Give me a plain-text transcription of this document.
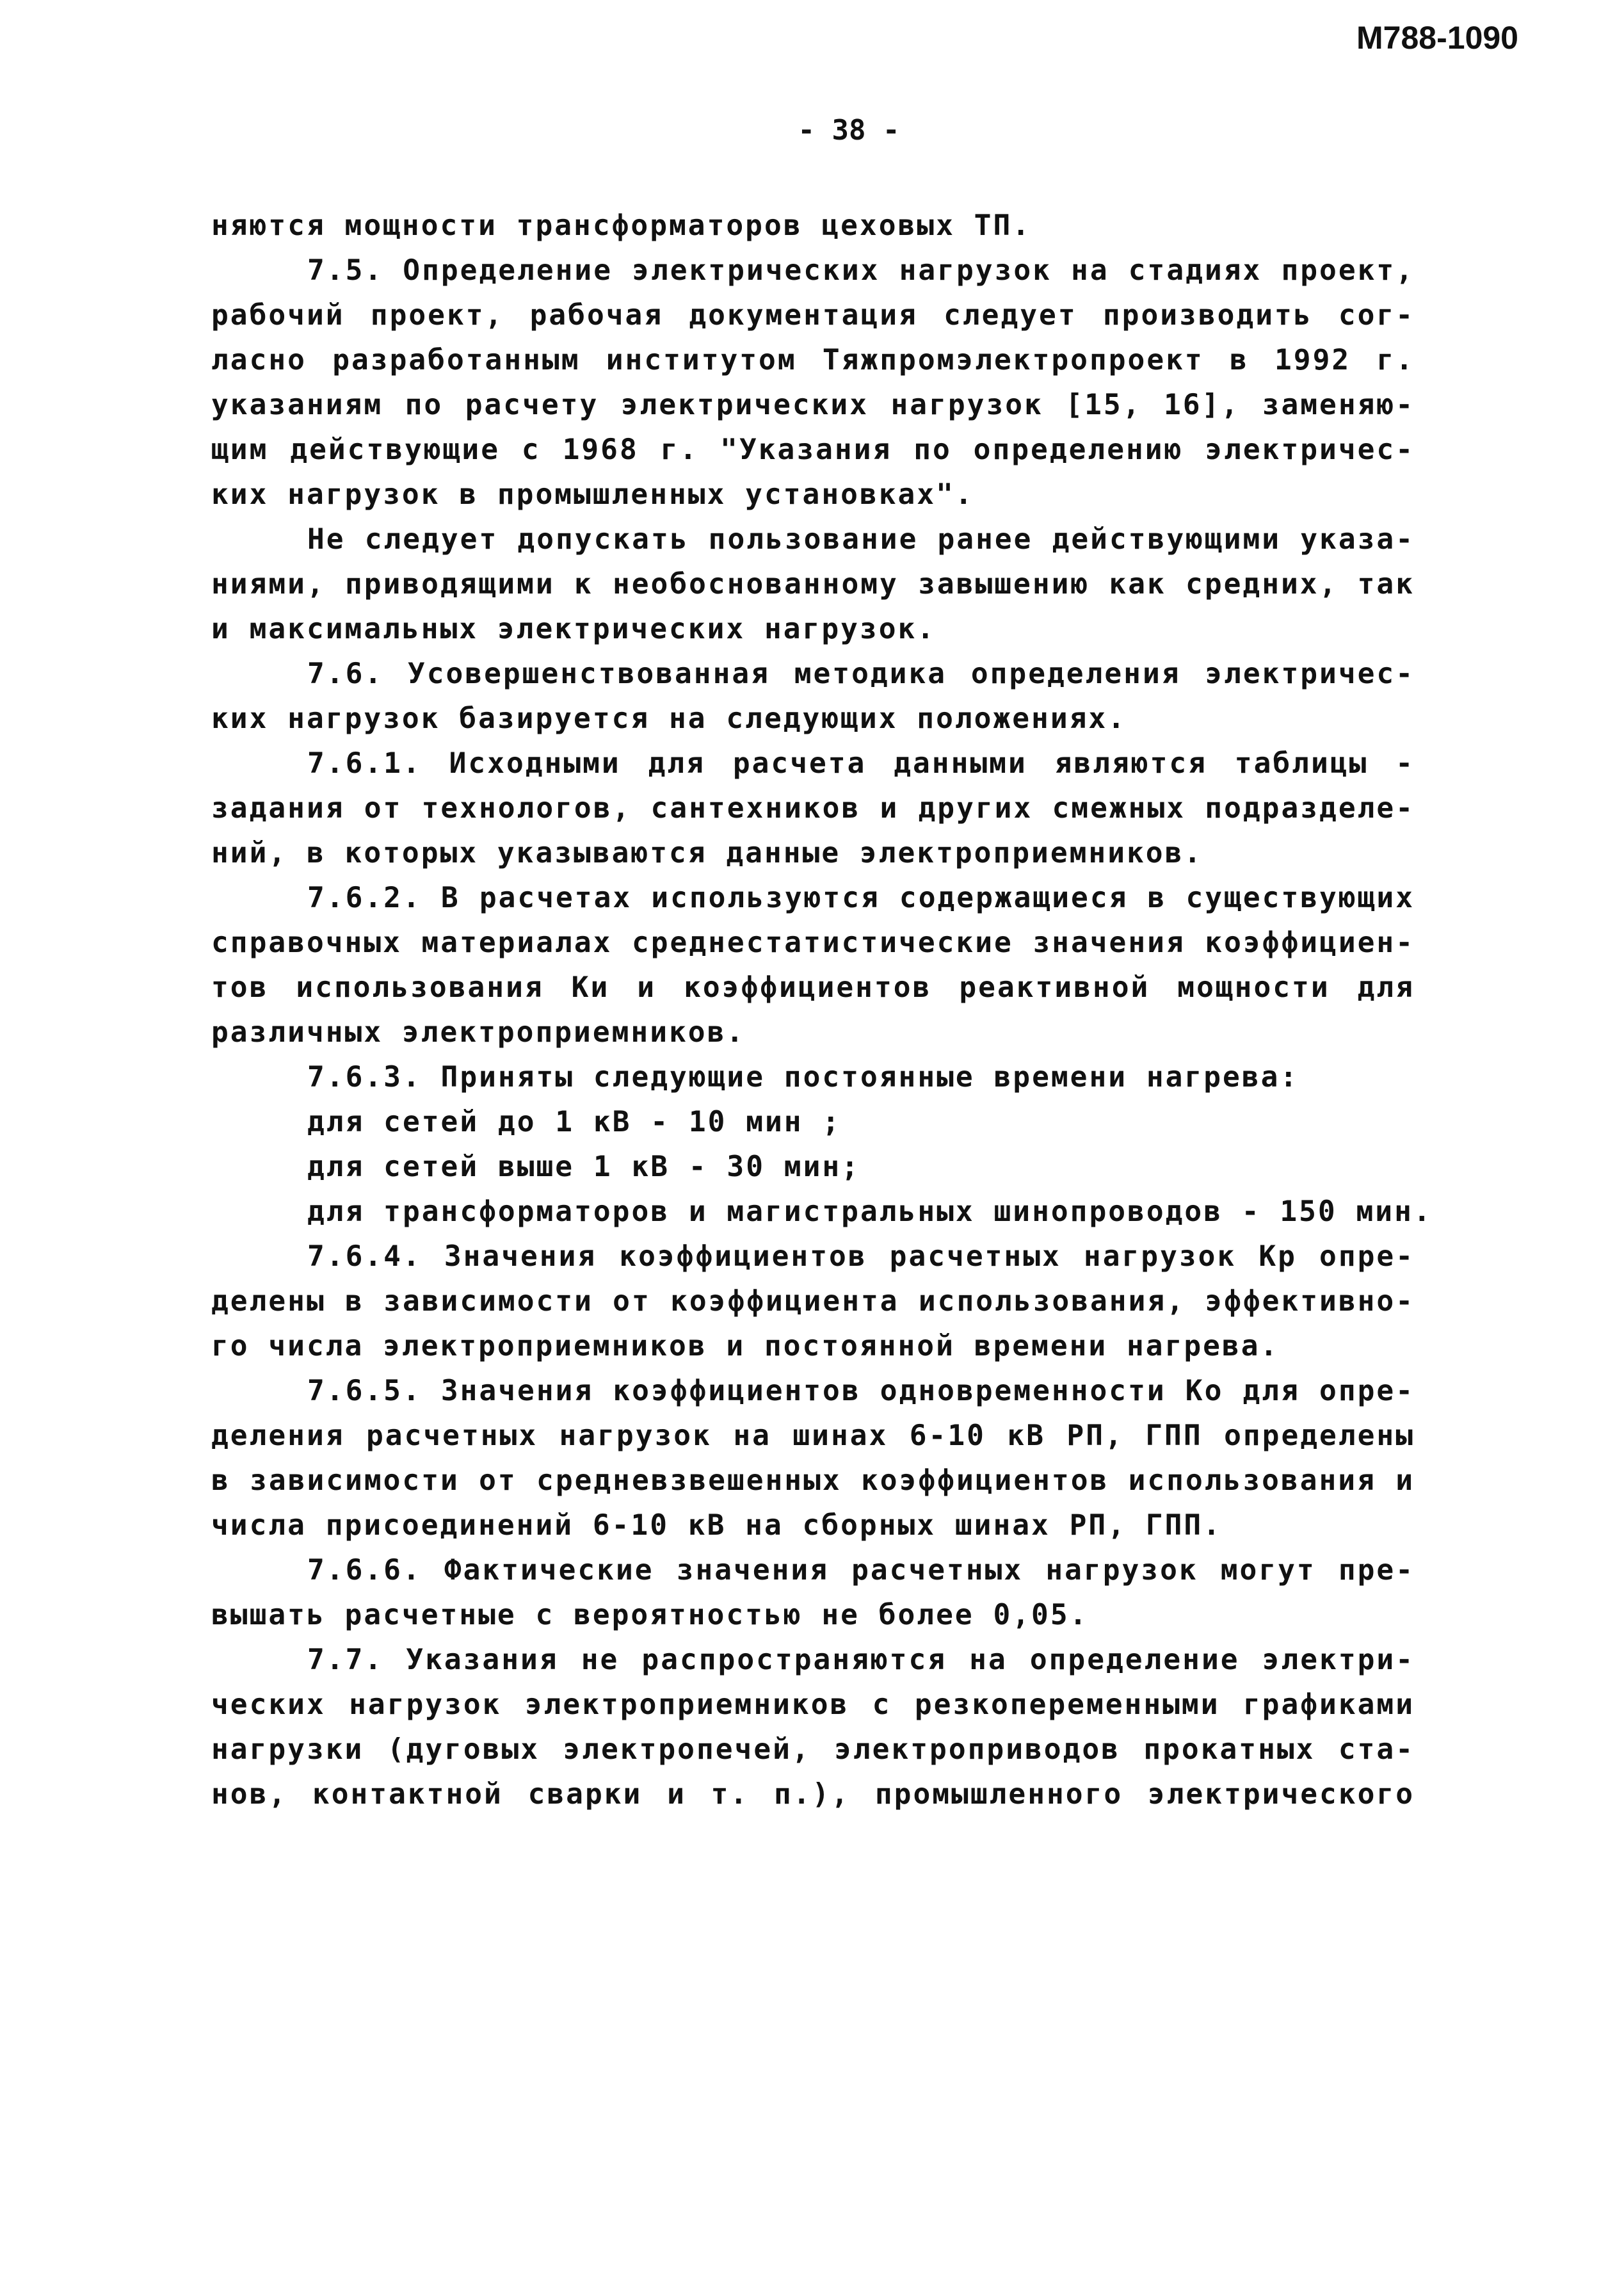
М788-1090
- 38 -
няются мощности трансформаторов цеховых ТП.
7.5. Определение электрических нагрузок на стадиях проект,
рабочий проект, рабочая документация следует производить сог-
ласно разработанным институтом Тяжпромэлектропроект в 1992 г.
указаниям по расчету электрических нагрузок [15, 16], заменяю-
щим действующие с 1968 г. "Указания по определению электричес-
ких нагрузок в промышленных установках".
Не следует допускать пользование ранее действующими указа-
ниями, приводящими к необоснованному завышению как средних, так
и максимальных электрических нагрузок.
7.6. Усовершенствованная методика определения электричес-
ких нагрузок базируется на следующих положениях.
7.6.1. Исходными для расчета данными являются таблицы -
задания от технологов, сантехников и других смежных подразделе-
ний, в которых указываются данные электроприемников.
7.6.2. В расчетах используются содержащиеся в существующих
справочных материалах среднестатистические значения коэффициен-
тов использования Ки и коэффициентов реактивной мощности для
различных электроприемников.
7.6.3. Приняты следующие постоянные времени нагрева:
для сетей до 1 кВ - 10 мин ;
для сетей выше 1 кВ - 30 мин;
для трансформаторов и магистральных шинопроводов - 150 мин.
7.6.4. Значения коэффициентов расчетных нагрузок Кр опре-
делены в зависимости от коэффициента использования, эффективно-
го числа электроприемников и постоянной времени нагрева.
7.6.5. Значения коэффициентов одновременности Ко для опре-
деления расчетных нагрузок на шинах 6-10 кВ РП, ГПП определены
в зависимости от средневзвешенных коэффициентов использования и
числа присоединений 6-10 кВ на сборных шинах РП, ГПП.
7.6.6. Фактические значения расчетных нагрузок могут пре-
вышать расчетные с вероятностью не более 0,05.
7.7. Указания не распространяются на определение электри-
ческих нагрузок электроприемников с резкопеременными графиками
нагрузки (дуговых электропечей, электроприводов прокатных ста-
нов, контактной сварки и т. п.), промышленного электрического
